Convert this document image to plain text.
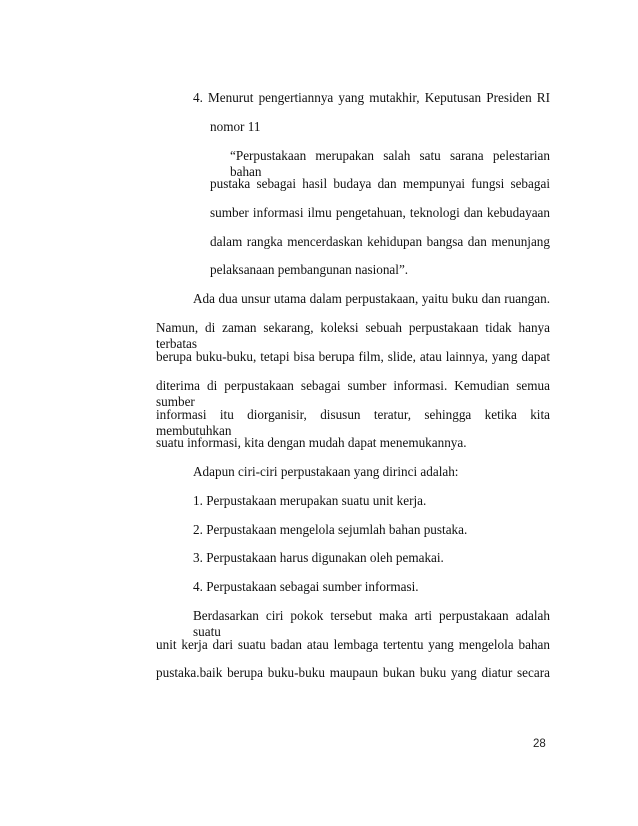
4. Menurut pengertiannya yang mutakhir, Keputusan Presiden RI
nomor 11
“Perpustakaan merupakan salah satu sarana pelestarian bahan
pustaka sebagai hasil budaya dan mempunyai fungsi sebagai
sumber informasi ilmu pengetahuan, teknologi dan kebudayaan
dalam rangka mencerdaskan kehidupan bangsa dan menunjang
pelaksanaan pembangunan nasional”.
Ada dua unsur utama dalam perpustakaan, yaitu buku dan ruangan.
Namun, di zaman sekarang, koleksi sebuah perpustakaan tidak hanya terbatas
berupa buku-buku, tetapi bisa berupa film, slide, atau lainnya, yang dapat
diterima di perpustakaan sebagai sumber informasi. Kemudian semua sumber
informasi itu diorganisir, disusun teratur, sehingga ketika kita membutuhkan
suatu informasi, kita dengan mudah dapat menemukannya.
Adapun ciri-ciri perpustakaan yang dirinci adalah:
1. Perpustakaan merupakan suatu unit kerja.
2. Perpustakaan mengelola sejumlah bahan pustaka.
3. Perpustakaan harus digunakan oleh pemakai.
4. Perpustakaan sebagai sumber informasi.
Berdasarkan ciri pokok tersebut maka arti perpustakaan adalah suatu
unit kerja dari suatu badan atau lembaga tertentu yang mengelola bahan
pustaka.baik berupa buku-buku maupaun bukan buku yang diatur secara
28
